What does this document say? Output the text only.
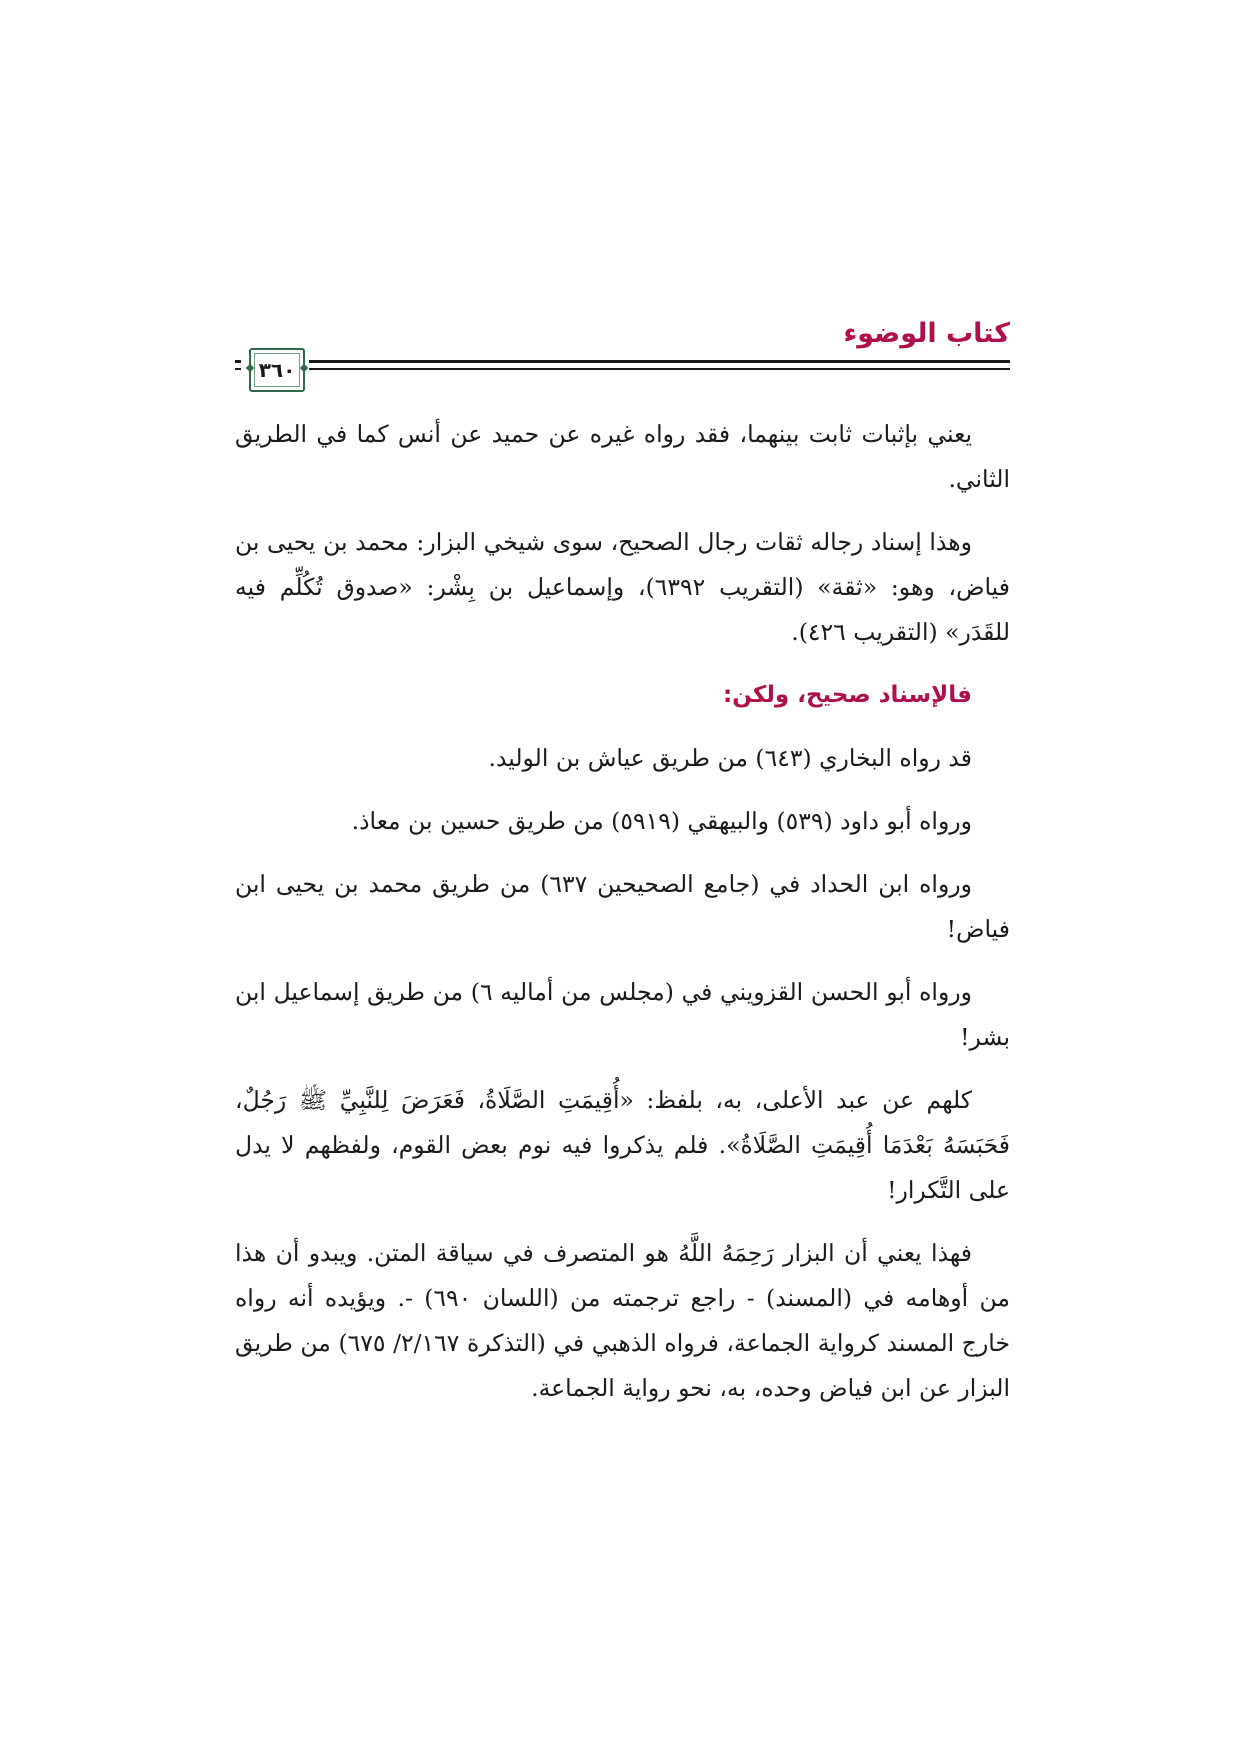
٣٦٠
كتاب الوضوء

يعني بإثبات ثابت بينهما، فقد رواه غيره عن حميد عن أنس كما في الطريق الثاني.

وهذا إسناد رجاله ثقات رجال الصحيح، سوى شيخي البزار: محمد بن يحيى بن فياض، وهو: «ثقة» (التقريب ٦٣٩٢)، وإسماعيل بن بِشْر: «صدوق تُكُلِّم فيه للقَدَر» (التقريب ٤٢٦).

فالإسناد صحيح، ولكن:

قد رواه البخاري (٦٤٣) من طريق عياش بن الوليد.

ورواه أبو داود (٥٣٩) والبيهقي (٥٩١٩) من طريق حسين بن معاذ.

ورواه ابن الحداد في (جامع الصحيحين ٦٣٧) من طريق محمد بن يحيى ابن فياض!

ورواه أبو الحسن القزويني في (مجلس من أماليه ٦) من طريق إسماعيل ابن بشر!

كلهم عن عبد الأعلى، به، بلفظ: «أُقِيمَتِ الصَّلَاةُ، فَعَرَضَ لِلنَّبِيِّ ﷺ رَجُلٌ، فَحَبَسَهُ بَعْدَمَا أُقِيمَتِ الصَّلَاةُ». فلم يذكروا فيه نوم بعض القوم، ولفظهم لا يدل على التَّكرار!

فهذا يعني أن البزار رَحِمَهُ اللَّهُ هو المتصرف في سياقة المتن. ويبدو أن هذا من أوهامه في (المسند) - راجع ترجمته من (اللسان ٦٩٠) -. ويؤيده أنه رواه خارج المسند كرواية الجماعة، فرواه الذهبي في (التذكرة ٢/١٦٧/ ٦٧٥) من طريق البزار عن ابن فياض وحده، به، نحو رواية الجماعة.
